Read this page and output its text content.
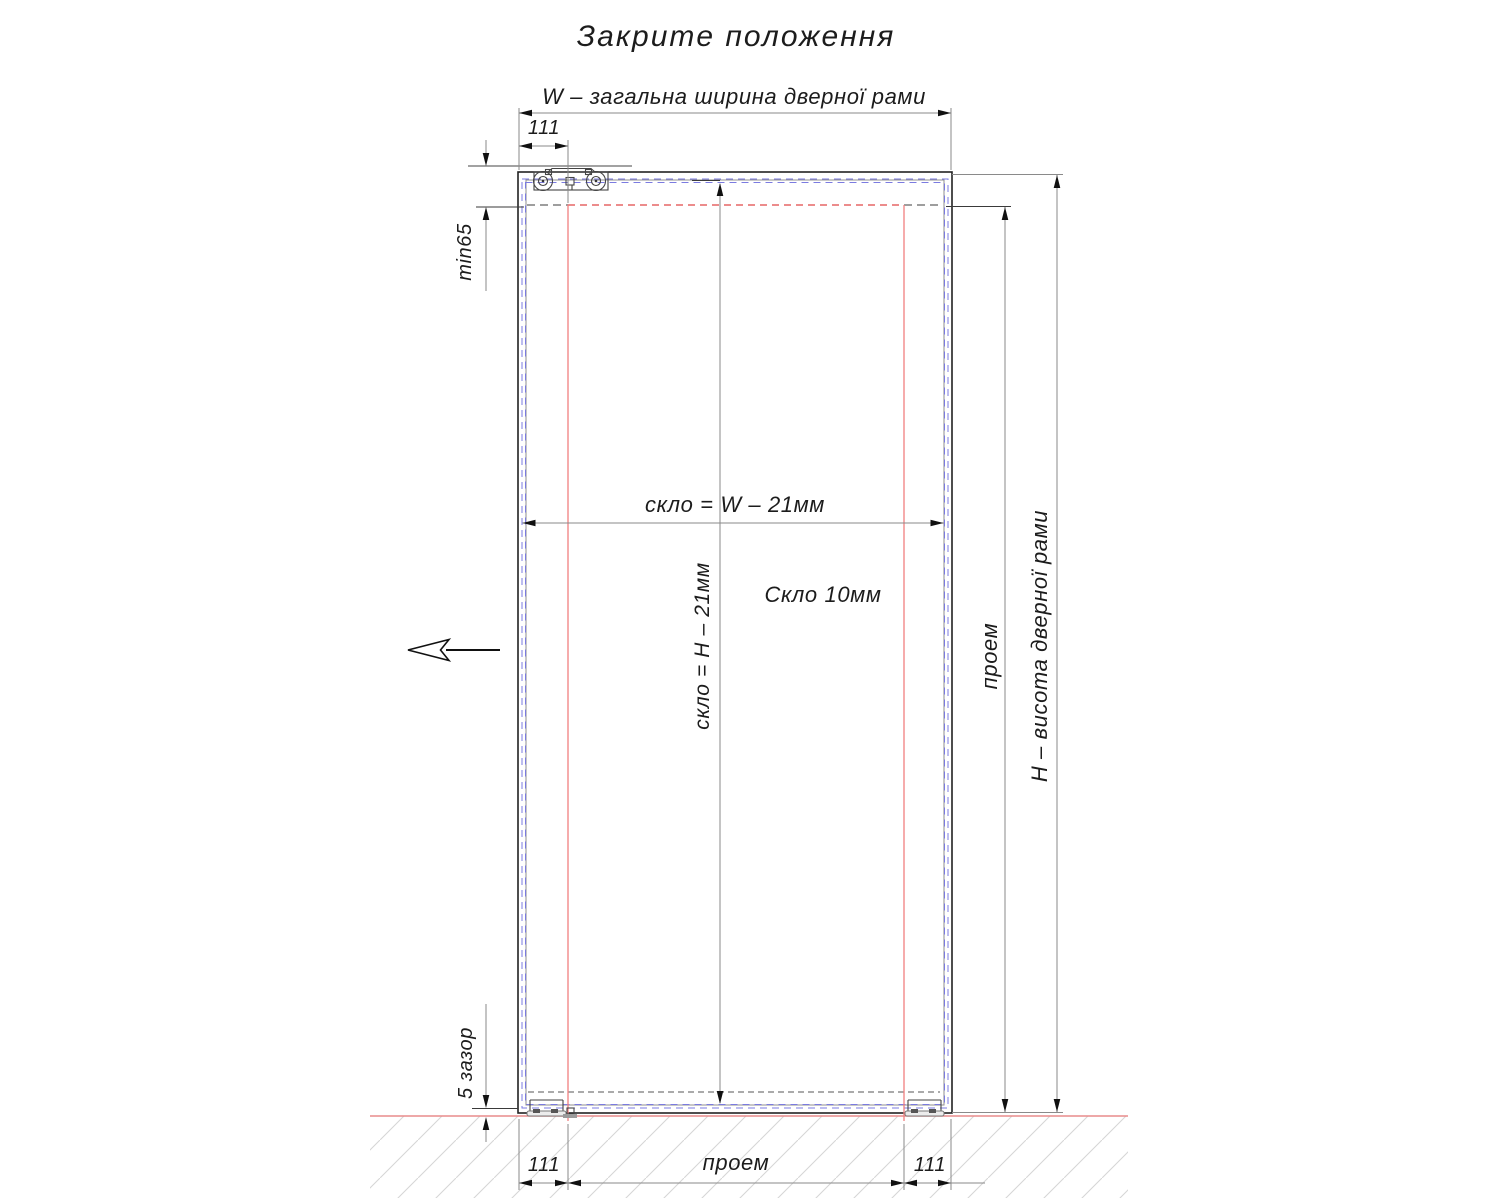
Закрите положення
W – загальна ширина дверної рами
111
min65
скло = W – 21мм
скло = H – 21мм	Скло 10мм
проем H – висота дверної рами
5 зазор
111	проем	111
